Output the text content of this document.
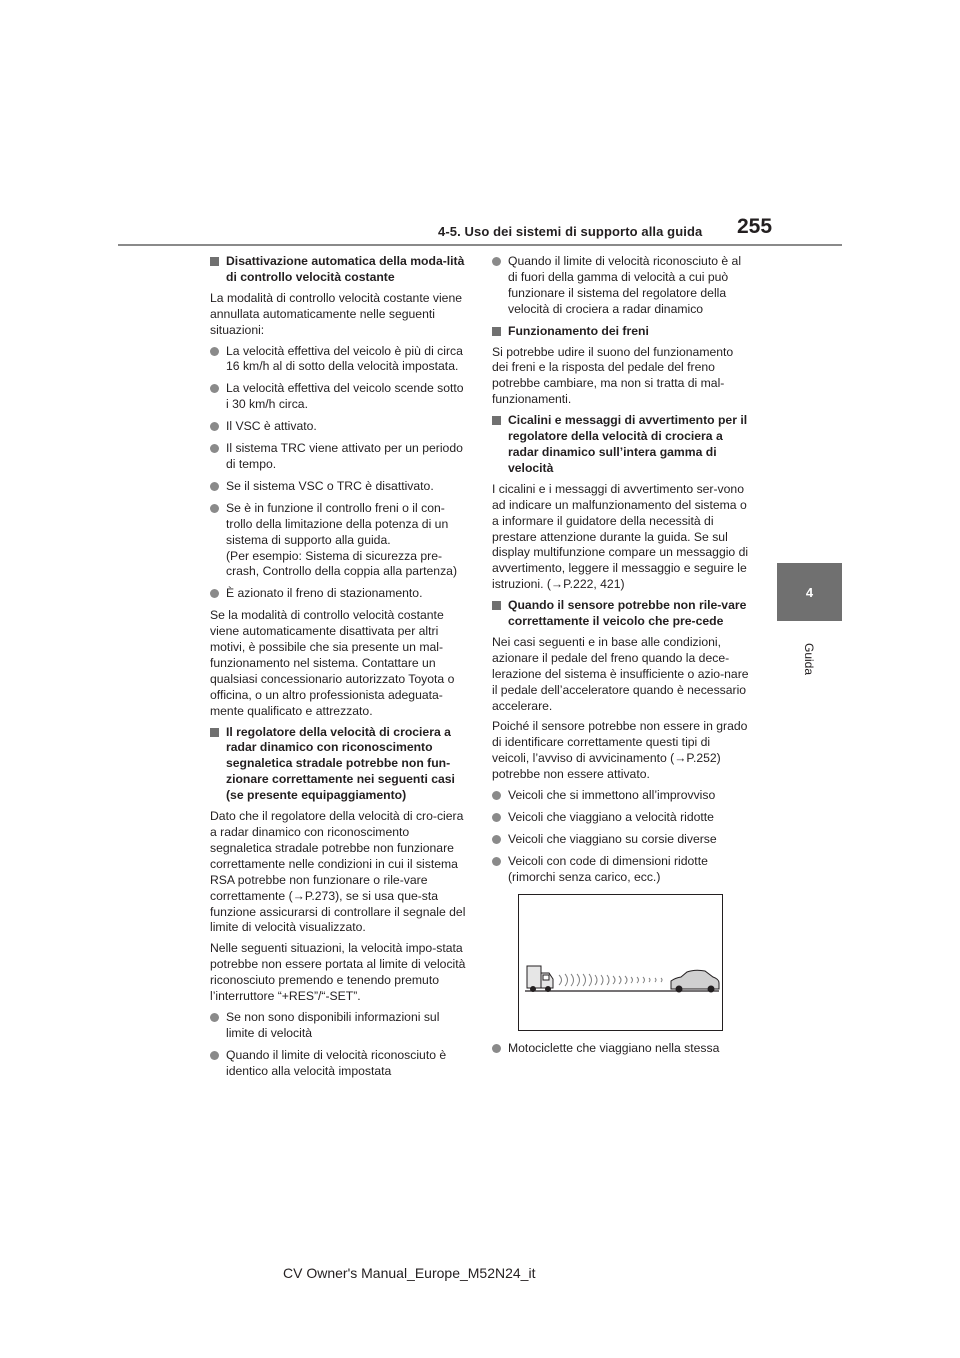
4-5. Uso dei sistemi di supporto alla guida 255
4
Guida
Disattivazione automatica della moda-lità di controllo velocità costante
La modalità di controllo velocità costante viene annullata automaticamente nelle seguenti situazioni:
La velocità effettiva del veicolo è più di circa 16 km/h al di sotto della velocità impostata.
La velocità effettiva del veicolo scende sotto i 30 km/h circa.
Il VSC è attivato.
Il sistema TRC viene attivato per un periodo di tempo.
Se il sistema VSC o TRC è disattivato.
Se è in funzione il controllo freni o il con-trollo della limitazione della potenza di un sistema di supporto alla guida.
(Per esempio: Sistema di sicurezza pre-crash, Controllo della coppia alla partenza)
È azionato il freno di stazionamento.
Se la modalità di controllo velocità costante viene automaticamente disattivata per altri motivi, è possibile che sia presente un mal-funzionamento nel sistema. Contattare un qualsiasi concessionario autorizzato Toyota o officina, o un altro professionista adeguata-mente qualificato e attrezzato.
Il regolatore della velocità di crociera a radar dinamico con riconoscimento segnaletica stradale potrebbe non fun-zionare correttamente nei seguenti casi (se presente equipaggiamento)
Dato che il regolatore della velocità di cro-ciera a radar dinamico con riconoscimento segnaletica stradale potrebbe non funzionare correttamente nelle condizioni in cui il sistema RSA potrebbe non funzionare o rile-vare correttamente (→P.273), se si usa que-sta funzione assicurarsi di controllare il segnale del limite di velocità visualizzato.
Nelle seguenti situazioni, la velocità impo-stata potrebbe non essere portata al limite di velocità riconosciuto premendo e tenendo premuto l’interruttore “+RES”/“-SET”.
Se non sono disponibili informazioni sul limite di velocità
Quando il limite di velocità riconosciuto è identico alla velocità impostata
Quando il limite di velocità riconosciuto è al di fuori della gamma di velocità a cui può funzionare il sistema del regolatore della velocità di crociera a radar dinamico
Funzionamento dei freni
Si potrebbe udire il suono del funzionamento dei freni e la risposta del pedale del freno potrebbe cambiare, ma non si tratta di mal-funzionamenti.
Cicalini e messaggi di avvertimento per il regolatore della velocità di crociera a radar dinamico sull’intera gamma di velocità
I cicalini e i messaggi di avvertimento ser-vono ad indicare un malfunzionamento del sistema o a informare il guidatore della necessità di prestare attenzione durante la guida. Se sul display multifunzione compare un messaggio di avvertimento, leggere il messaggio e seguire le istruzioni. (→P.222, 421)
Quando il sensore potrebbe non rile-vare correttamente il veicolo che pre-cede
Nei casi seguenti e in base alle condizioni, azionare il pedale del freno quando la dece-lerazione del sistema è insufficiente o azio-nare il pedale dell’acceleratore quando è necessario accelerare.
Poiché il sensore potrebbe non essere in grado di identificare correttamente questi tipi di veicoli, l’avviso di avvicinamento (→P.252) potrebbe non essere attivato.
Veicoli che si immettono all’improvviso
Veicoli che viaggiano a velocità ridotte
Veicoli che viaggiano su corsie diverse
Veicoli con code di dimensioni ridotte (rimorchi senza carico, ecc.)
Motociclette che viaggiano nella stessa
CV Owner's Manual_Europe_M52N24_it
